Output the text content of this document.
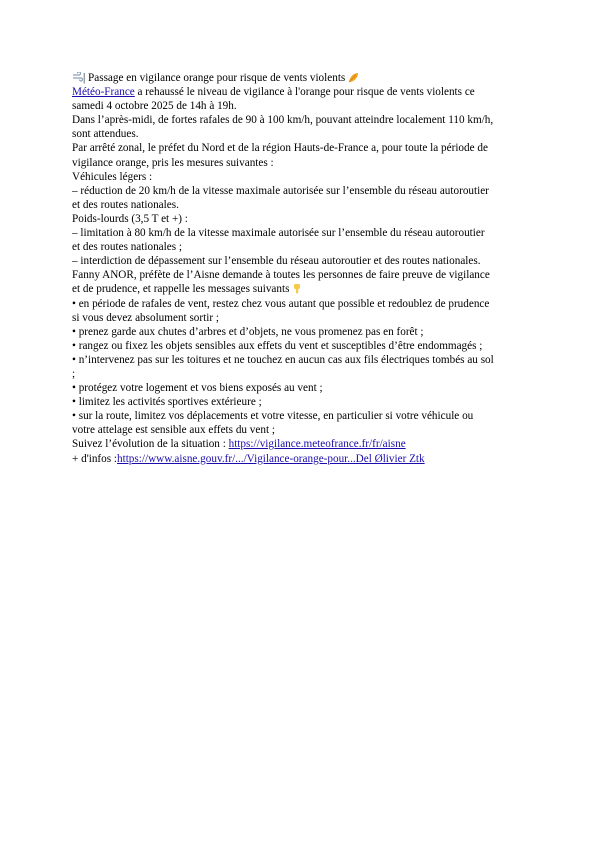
| Passage en vigilance orange pour risque de vents violents
Météo-France a rehaussé le niveau de vigilance à l'orange pour risque de vents violents ce
samedi 4 octobre 2025 de 14h à 19h.
Dans l’après-midi, de fortes rafales de 90 à 100 km/h, pouvant atteindre localement 110 km/h,
sont attendues.
Par arrêté zonal, le préfet du Nord et de la région Hauts-de-France a, pour toute la période de
vigilance orange, pris les mesures suivantes :
Véhicules légers :
– réduction de 20 km/h de la vitesse maximale autorisée sur l’ensemble du réseau autoroutier
et des routes nationales.
Poids-lourds (3,5 T et +) :
– limitation à 80 km/h de la vitesse maximale autorisée sur l’ensemble du réseau autoroutier
et des routes nationales ;
– interdiction de dépassement sur l’ensemble du réseau autoroutier et des routes nationales.
Fanny ANOR, préfète de l’Aisne demande à toutes les personnes de faire preuve de vigilance
et de prudence, et rappelle les messages suivants
• en période de rafales de vent, restez chez vous autant que possible et redoublez de prudence
si vous devez absolument sortir ;
• prenez garde aux chutes d’arbres et d’objets, ne vous promenez pas en forêt ;
• rangez ou fixez les objets sensibles aux effets du vent et susceptibles d’être endommagés ;
• n’intervenez pas sur les toitures et ne touchez en aucun cas aux fils électriques tombés au sol
;
• protégez votre logement et vos biens exposés au vent ;
• limitez les activités sportives extérieure ;
• sur la route, limitez vos déplacements et votre vitesse, en particulier si votre véhicule ou
votre attelage est sensible aux effets du vent ;
Suivez l’évolution de la situation : https://vigilance.meteofrance.fr/fr/aisne
+ d'infos :https://www.aisne.gouv.fr/.../Vigilance-orange-pour...Del Ølivier Ztk
